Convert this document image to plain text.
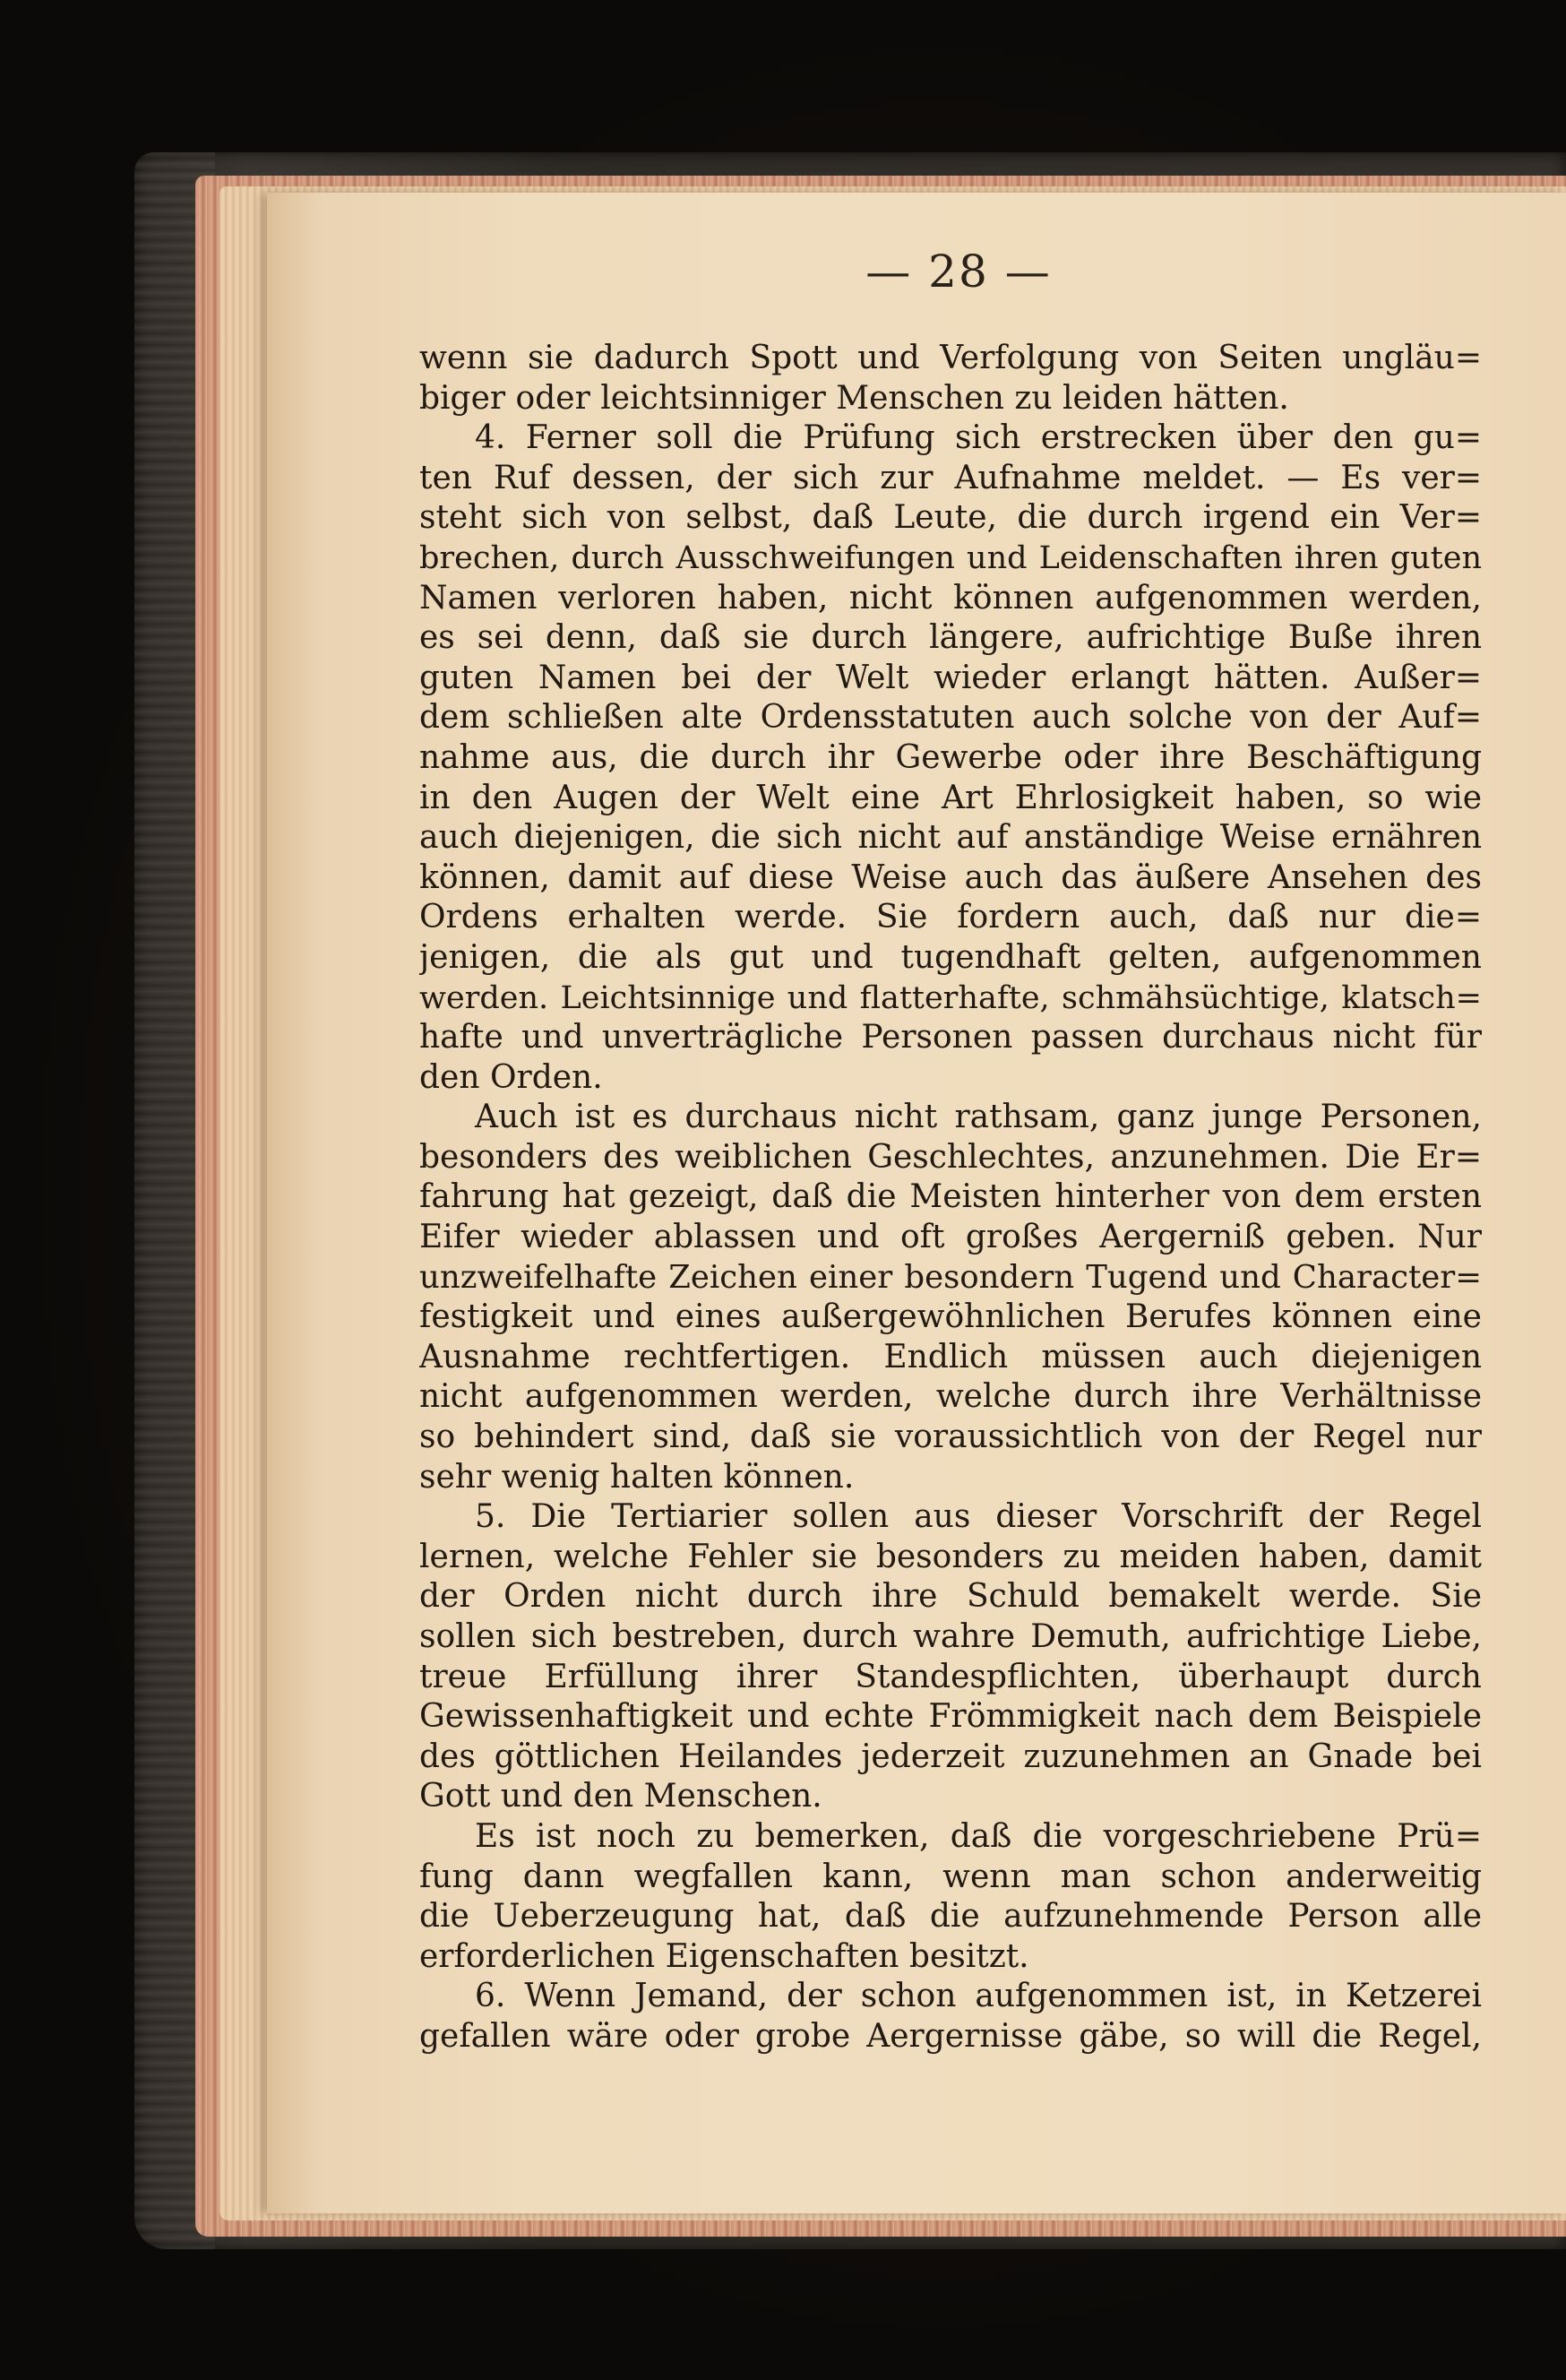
— 28 —
wenn sie dadurch Spott und Verfolgung von Seiten ungläu=
biger oder leichtsinniger Menschen zu leiden hätten.
4. Ferner soll die Prüfung sich erstrecken über den gu=
ten Ruf dessen, der sich zur Aufnahme meldet. — Es ver=
steht sich von selbst, daß Leute, die durch irgend ein Ver=
brechen, durch Ausschweifungen und Leidenschaften ihren guten
Namen verloren haben, nicht können aufgenommen werden,
es sei denn, daß sie durch längere, aufrichtige Buße ihren
guten Namen bei der Welt wieder erlangt hätten. Außer=
dem schließen alte Ordensstatuten auch solche von der Auf=
nahme aus, die durch ihr Gewerbe oder ihre Beschäftigung
in den Augen der Welt eine Art Ehrlosigkeit haben, so wie
auch diejenigen, die sich nicht auf anständige Weise ernähren
können, damit auf diese Weise auch das äußere Ansehen des
Ordens erhalten werde. Sie fordern auch, daß nur die=
jenigen, die als gut und tugendhaft gelten, aufgenommen
werden. Leichtsinnige und flatterhafte, schmähsüchtige, klatsch=
hafte und unverträgliche Personen passen durchaus nicht für
den Orden.
Auch ist es durchaus nicht rathsam, ganz junge Personen,
besonders des weiblichen Geschlechtes, anzunehmen. Die Er=
fahrung hat gezeigt, daß die Meisten hinterher von dem ersten
Eifer wieder ablassen und oft großes Aergerniß geben. Nur
unzweifelhafte Zeichen einer besondern Tugend und Character=
festigkeit und eines außergewöhnlichen Berufes können eine
Ausnahme rechtfertigen. Endlich müssen auch diejenigen
nicht aufgenommen werden, welche durch ihre Verhältnisse
so behindert sind, daß sie voraussichtlich von der Regel nur
sehr wenig halten können.
5. Die Tertiarier sollen aus dieser Vorschrift der Regel
lernen, welche Fehler sie besonders zu meiden haben, damit
der Orden nicht durch ihre Schuld bemakelt werde. Sie
sollen sich bestreben, durch wahre Demuth, aufrichtige Liebe,
treue Erfüllung ihrer Standespflichten, überhaupt durch
Gewissenhaftigkeit und echte Frömmigkeit nach dem Beispiele
des göttlichen Heilandes jederzeit zuzunehmen an Gnade bei
Gott und den Menschen.
Es ist noch zu bemerken, daß die vorgeschriebene Prü=
fung dann wegfallen kann, wenn man schon anderweitig
die Ueberzeugung hat, daß die aufzunehmende Person alle
erforderlichen Eigenschaften besitzt.
6. Wenn Jemand, der schon aufgenommen ist, in Ketzerei
gefallen wäre oder grobe Aergernisse gäbe, so will die Regel,
